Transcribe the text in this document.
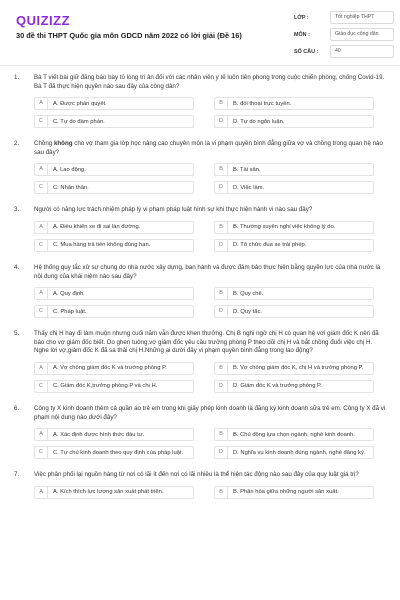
QUIZIZZ
30 đề thi THPT Quốc gia môn GDCD năm 2022 có lời giải (Đề 16)
LỚP :	Tốt nghiệp THPT
MÔN :	Giáo dục công dân
SỐ CÂU :	40
1.	Bà T viết bài giữ đăng báo bày tỏ lòng tri ân đối với các nhân viên y tế luôn tiên phong trong cuộc chiến phòng, chống Covid-19. Bà T đã thực hiện quyền nào sau đây của công dân?
A	A. Được phán quyết.	B	B. đối thoại trực tuyến.
C	C. Tự do đàm phán.	D	D. Tự do ngôn luận.
2.	Chồng không cho vợ tham gia lớp học nâng cao chuyên môn là vi phạm quyền bình đẳng giữa vợ và chồng trong quan hệ nào sau đây?
A	A. Lao động.	B	B. Tài sản.
C	C. Nhân thân.	D	D. Việc làm.
3.	Người có năng lực trách nhiệm pháp lý vi phạm pháp luật hình sự khi thực hiện hành vi nào sau đây?
A	A. Điều khiển xe đi sai làn đường.	B	B. Thường xuyên nghỉ việc không lý do.
C	C. Mua hàng trả tiền không đúng hạn.	D	D. Tổ chức đua xe trái phép.
4.	Hệ thống quy tắc xử sự chung do nhà nước xây dựng, ban hành và được đảm bảo thực hiện bằng quyền lực của nhà nước là nội dung của khái niệm nào sau đây?
A	A. Quy định.	B	B. Quy chế.
C	C. Pháp luật.	D	D. Quy tắc.
5.	Thấy chị H hay đi làm muộn nhưng cuối năm vẫn được khen thưởng. Chị B nghi ngờ chị H có quan hệ với giám đốc K nên đã báo cho vợ giám đốc biết. Do ghen tuông,vợ giám đốc yêu cầu trưởng phòng P theo dõi chị H và bắt chồng đuổi việc chị H. Nghe lời vợ,giám đốc K đã sa thải chị H.Những ai dưới đây vi phạm quyền bình đẳng trong lao động?
A	A. Vợ chồng giám đốc K và trưởng phòng P.	B	B. Vợ chồng giám đốc K, chị H và trưởng phòng P.
C	C. Giám đốc K,trưởng phòng P và chị H.	D	D. Giám đốc K và trưởng phòng P.
6.	Công ty X kinh doanh thêm cả quần áo trẻ em trong khi giấy phép kinh doanh là đăng ký kinh doanh sữa trẻ em. Công ty X đã vi phạm nội dung nào dưới đây?
A	A. Xác định được hình thức đầu tư.	B	B. Chủ động lựa chọn ngành, nghề kinh doanh.
C	C. Tự chủ kinh doanh theo quy định của pháp luật.	D	D. Nghĩa vụ kinh doanh đúng ngành, nghề đăng ký.
7.	Việc phân phối lại nguồn hàng từ nơi có lãi ít đến nơi có lãi nhiều là thể hiện tác động nào sau đây của quy luật giá trị?
A	A. Kích thích lực lượng sản xuất phát triển.	B	B. Phân hóa giữa những người sản xuất.
